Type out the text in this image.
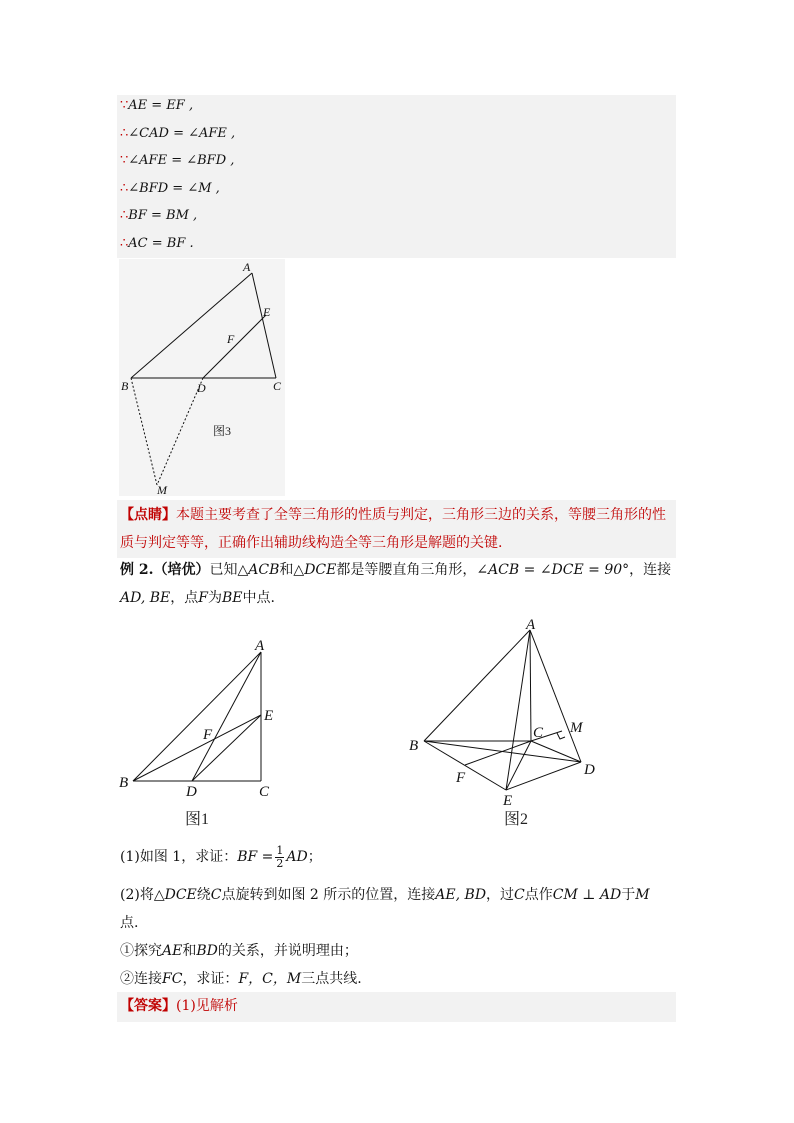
∵AE = EF ,
∴∠CAD = ∠AFE ,
∵∠AFE = ∠BFD ,
∴∠BFD = ∠M ,
∴BF = BM ,
∴AC = BF .
A
E
F
B	D	C
M
图3
【点睛】本题主要考查了全等三角形的性质与判定，三角形三边的关系，等腰三角形的性质与判定等等，正确作出辅助线构造全等三角形是解题的关键.
例 2.（培优）已知△ACB和△DCE都是等腰直角三角形，∠ACB = ∠DCE = 90°，连接
AD, BE，点F为BE中点.
A
E
F
B
D	C
图1
A
M
C
B
D
F
E
图2
(1)如图 1，求证：BF = $\frac{1}{2}$ AD；
(2)将△DCE绕C点旋转到如图 2 所示的位置，连接AE, BD，过C点作CM ⊥ AD于M
点.
①探究AE和BD的关系，并说明理由；
②连接FC，求证：F，C，M三点共线.
【答案】(1)见解析
